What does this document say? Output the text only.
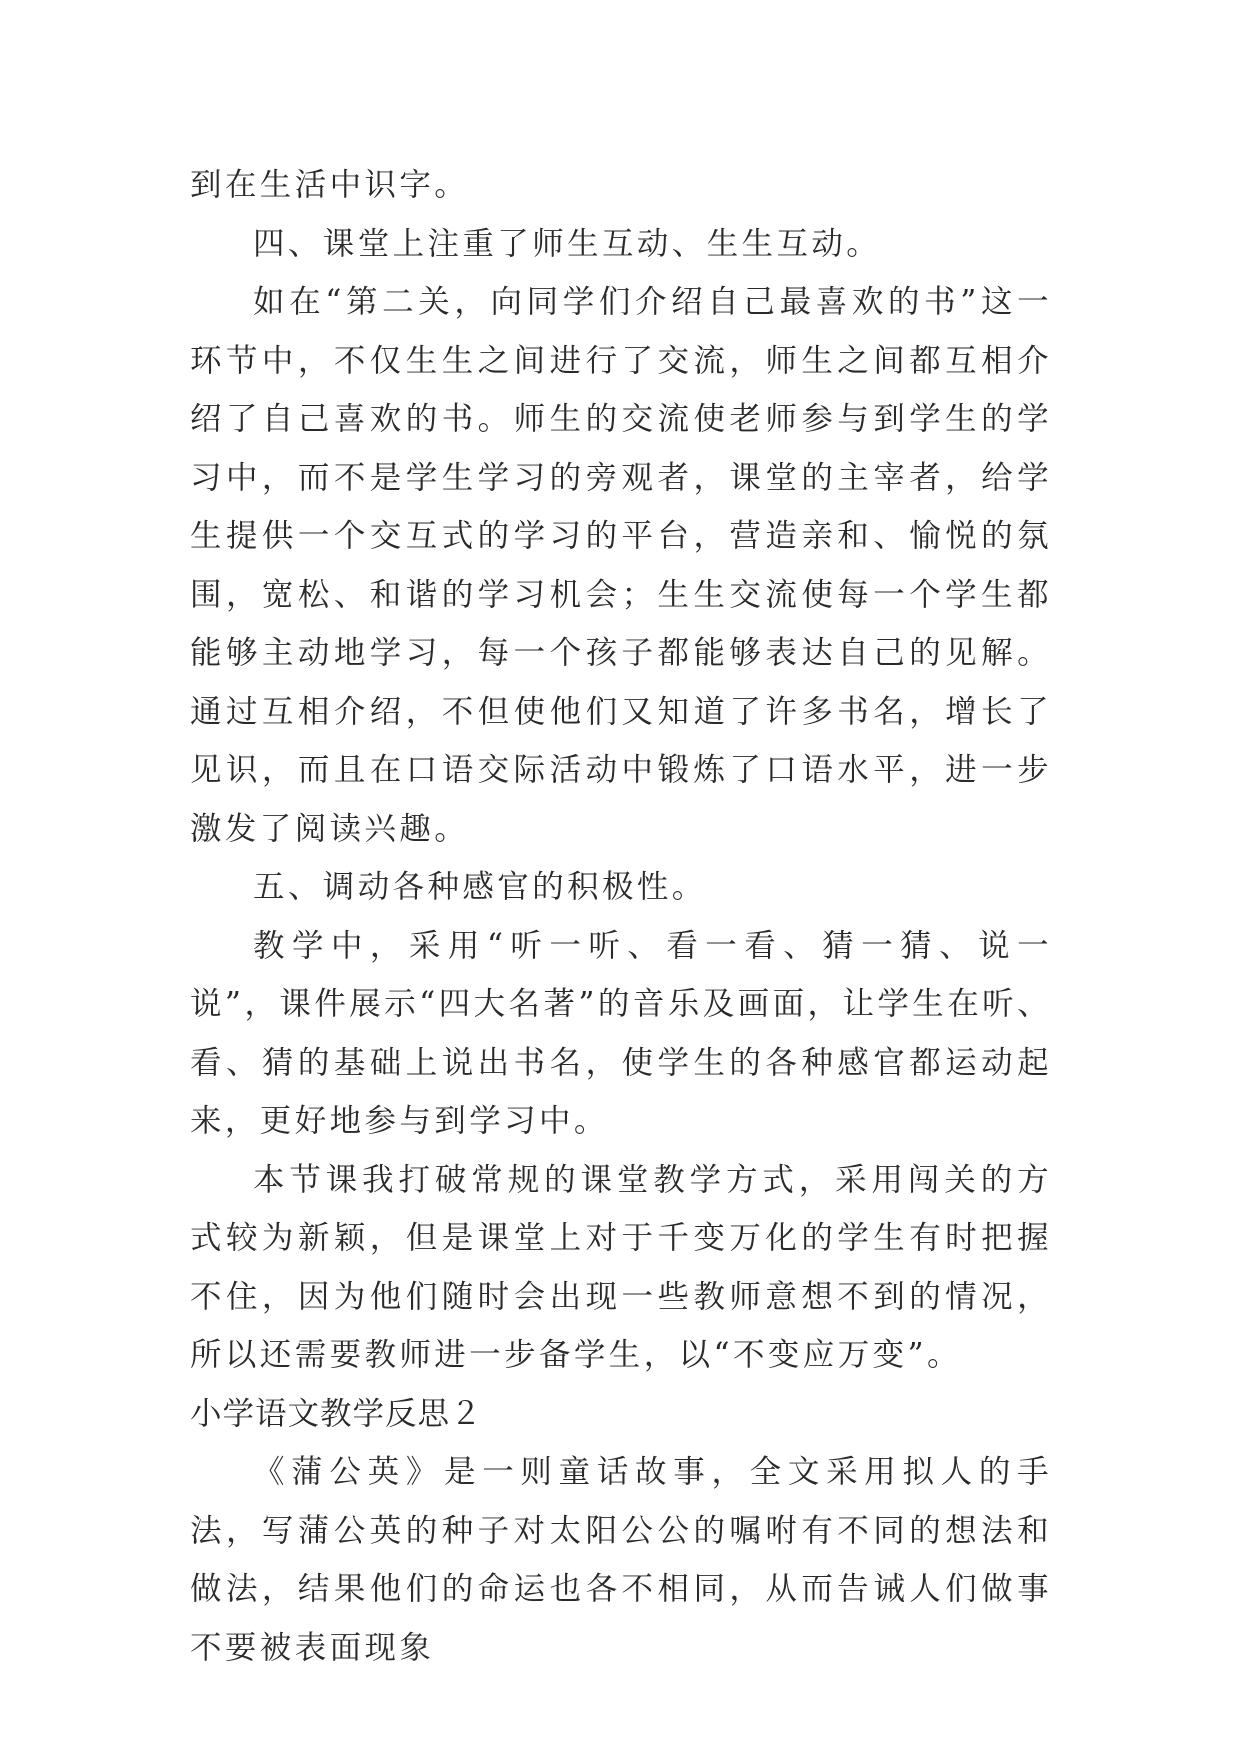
到在生活中识字。

四、课堂上注重了师生互动、生生互动。

如在“第二关，向同学们介绍自己最喜欢的书”这一环节中，不仅生生之间进行了交流，师生之间都互相介绍了自己喜欢的书。师生的交流使老师参与到学生的学习中，而不是学生学习的旁观者，课堂的主宰者，给学生提供一个交互式的学习的平台，营造亲和、愉悦的氛围，宽松、和谐的学习机会；生生交流使每一个学生都能够主动地学习，每一个孩子都能够表达自己的见解。通过互相介绍，不但使他们又知道了许多书名，增长了见识，而且在口语交际活动中锻炼了口语水平，进一步激发了阅读兴趣。

五、调动各种感官的积极性。

教学中，采用“听一听、看一看、猜一猜、说一说”，课件展示“四大名著”的音乐及画面，让学生在听、看、猜的基础上说出书名，使学生的各种感官都运动起来，更好地参与到学习中。

本节课我打破常规的课堂教学方式，采用闯关的方式较为新颖，但是课堂上对于千变万化的学生有时把握不住，因为他们随时会出现一些教师意想不到的情况，所以还需要教师进一步备学生，以“不变应万变”。

小学语文教学反思２

《蒲公英》是一则童话故事，全文采用拟人的手法，写蒲公英的种子对太阳公公的嘱咐有不同的想法和做法，结果他们的命运也各不相同，从而告诫人们做事不要被表面现象
